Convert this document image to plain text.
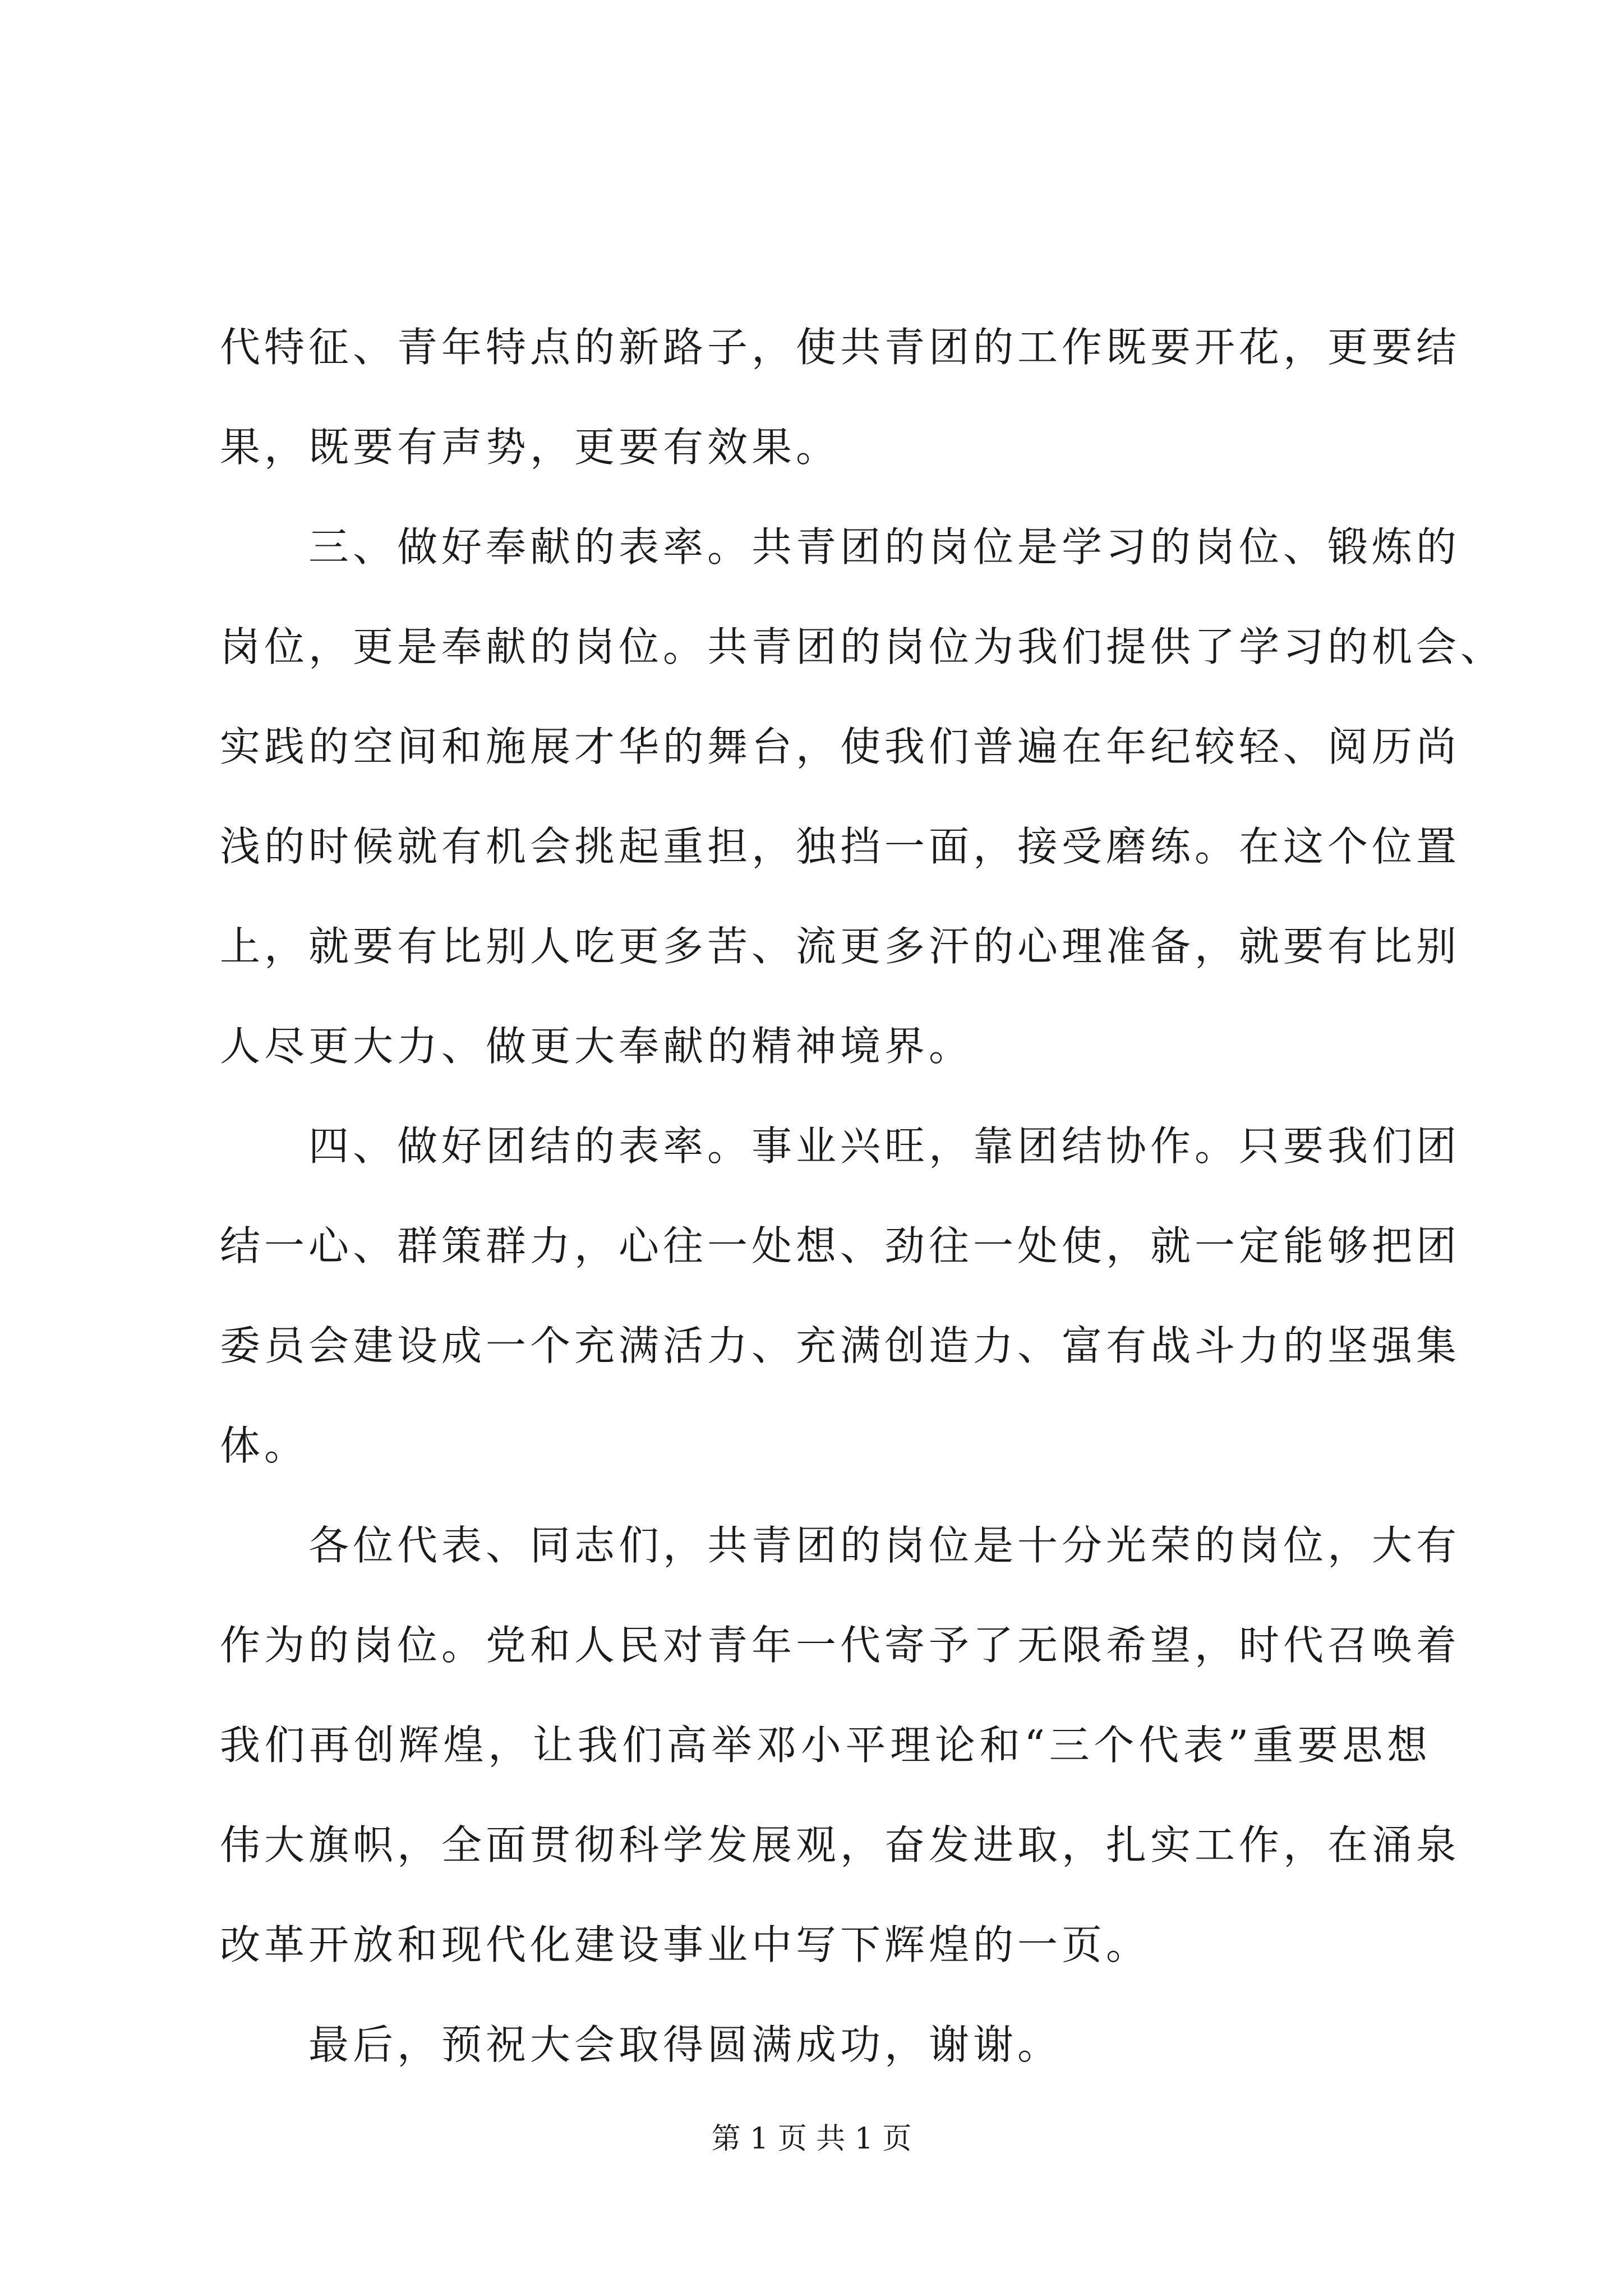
代特征、青年特点的新路子，使共青团的工作既要开花，更要结
果，既要有声势，更要有效果。
三、做好奉献的表率。共青团的岗位是学习的岗位、锻炼的
岗位，更是奉献的岗位。共青团的岗位为我们提供了学习的机会、
实践的空间和施展才华的舞台，使我们普遍在年纪较轻、阅历尚
浅的时候就有机会挑起重担，独挡一面，接受磨练。在这个位置
上，就要有比别人吃更多苦、流更多汗的心理准备，就要有比别
人尽更大力、做更大奉献的精神境界。
四、做好团结的表率。事业兴旺，靠团结协作。只要我们团
结一心、群策群力，心往一处想、劲往一处使，就一定能够把团
委员会建设成一个充满活力、充满创造力、富有战斗力的坚强集
体。
各位代表、同志们，共青团的岗位是十分光荣的岗位，大有
作为的岗位。党和人民对青年一代寄予了无限希望，时代召唤着
我们再创辉煌，让我们高举邓小平理论和“三个代表”重要思想
伟大旗帜，全面贯彻科学发展观，奋发进取，扎实工作，在涌泉
改革开放和现代化建设事业中写下辉煌的一页。
最后，预祝大会取得圆满成功，谢谢。
第 1 页 共 1 页
